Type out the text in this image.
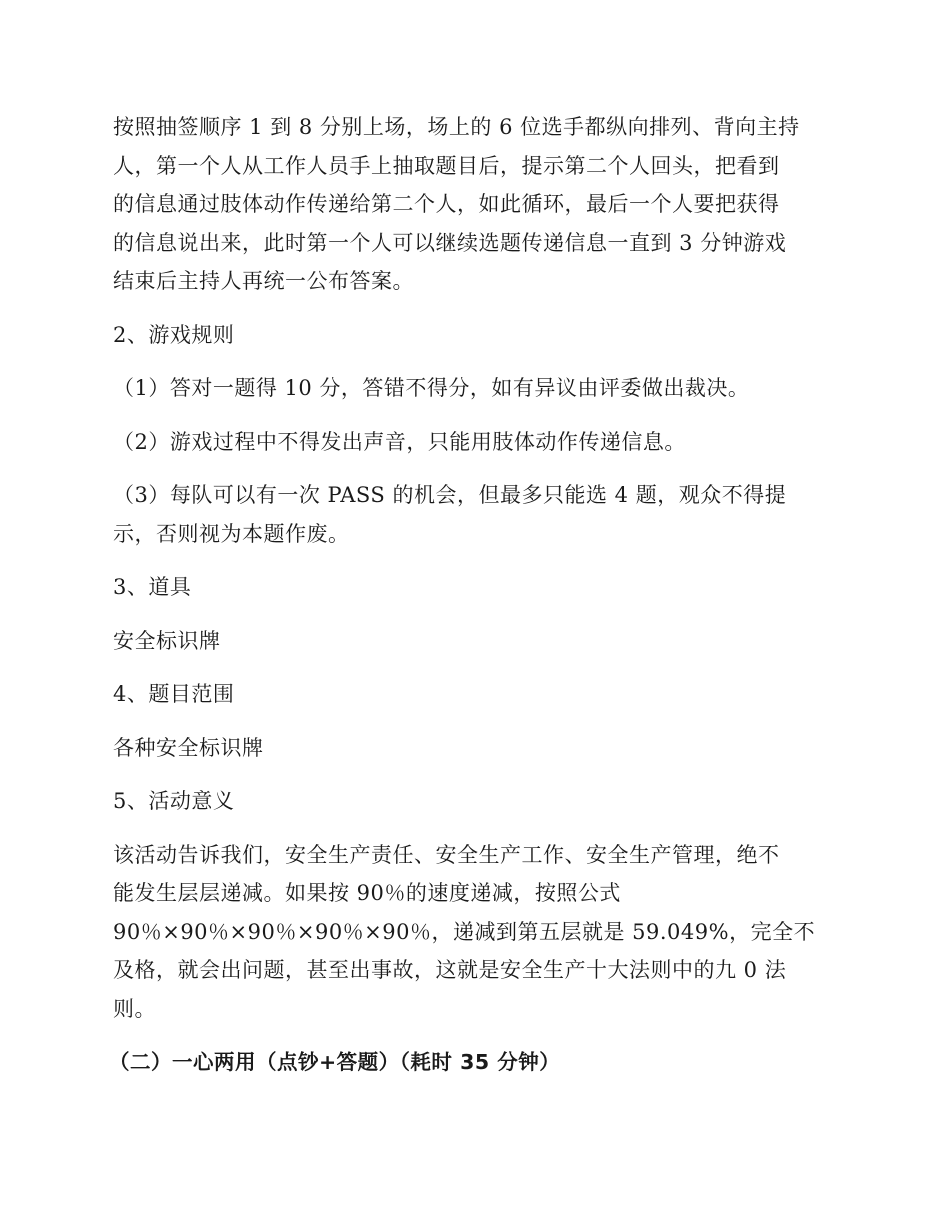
按照抽签顺序 1 到 8 分别上场，场上的 6 位选手都纵向排列、背向主持
人，第一个人从工作人员手上抽取题目后，提示第二个人回头，把看到
的信息通过肢体动作传递给第二个人，如此循环，最后一个人要把获得
的信息说出来，此时第一个人可以继续选题传递信息一直到 3 分钟游戏
结束后主持人再统一公布答案。

2、游戏规则

（1）答对一题得 10 分，答错不得分，如有异议由评委做出裁决。

（2）游戏过程中不得发出声音，只能用肢体动作传递信息。

（3）每队可以有一次 PASS 的机会，但最多只能选 4 题，观众不得提
示，否则视为本题作废。

3、道具

安全标识牌

4、题目范围

各种安全标识牌

5、活动意义

该活动告诉我们，安全生产责任、安全生产工作、安全生产管理，绝不
能发生层层递减。如果按 90％的速度递减，按照公式
90％×90％×90％×90％×90％，递减到第五层就是 59.049%，完全不
及格，就会出问题，甚至出事故，这就是安全生产十大法则中的九 0 法
则。

（二）一心两用（点钞+答题）（耗时 35 分钟）
